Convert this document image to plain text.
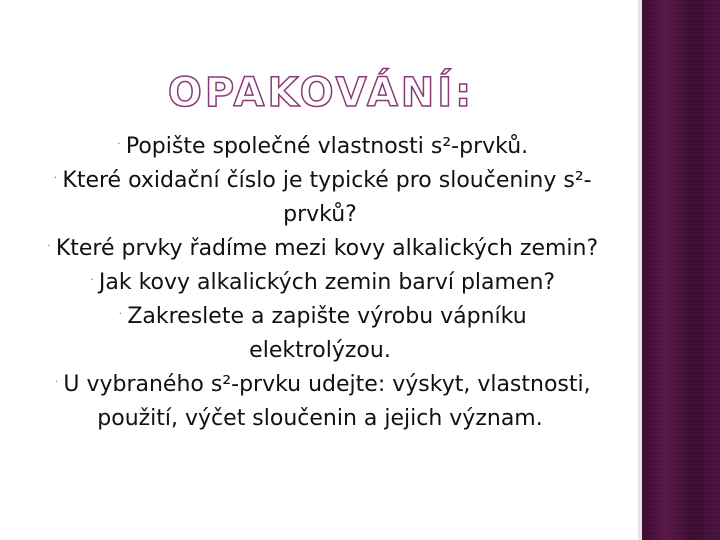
OPAKOVÁNÍ:
· Popište společné vlastnosti s²-prvků.
· Které oxidační číslo je typické pro sloučeniny s²-prvků?
· Které prvky řadíme mezi kovy alkalických zemin?
· Jak kovy alkalických zemin barví plamen?
· Zakreslete a zapište výrobu vápníku elektrolýzou.
· U vybraného s²-prvku udejte: výskyt, vlastnosti, použití, výčet sloučenin a jejich význam.
